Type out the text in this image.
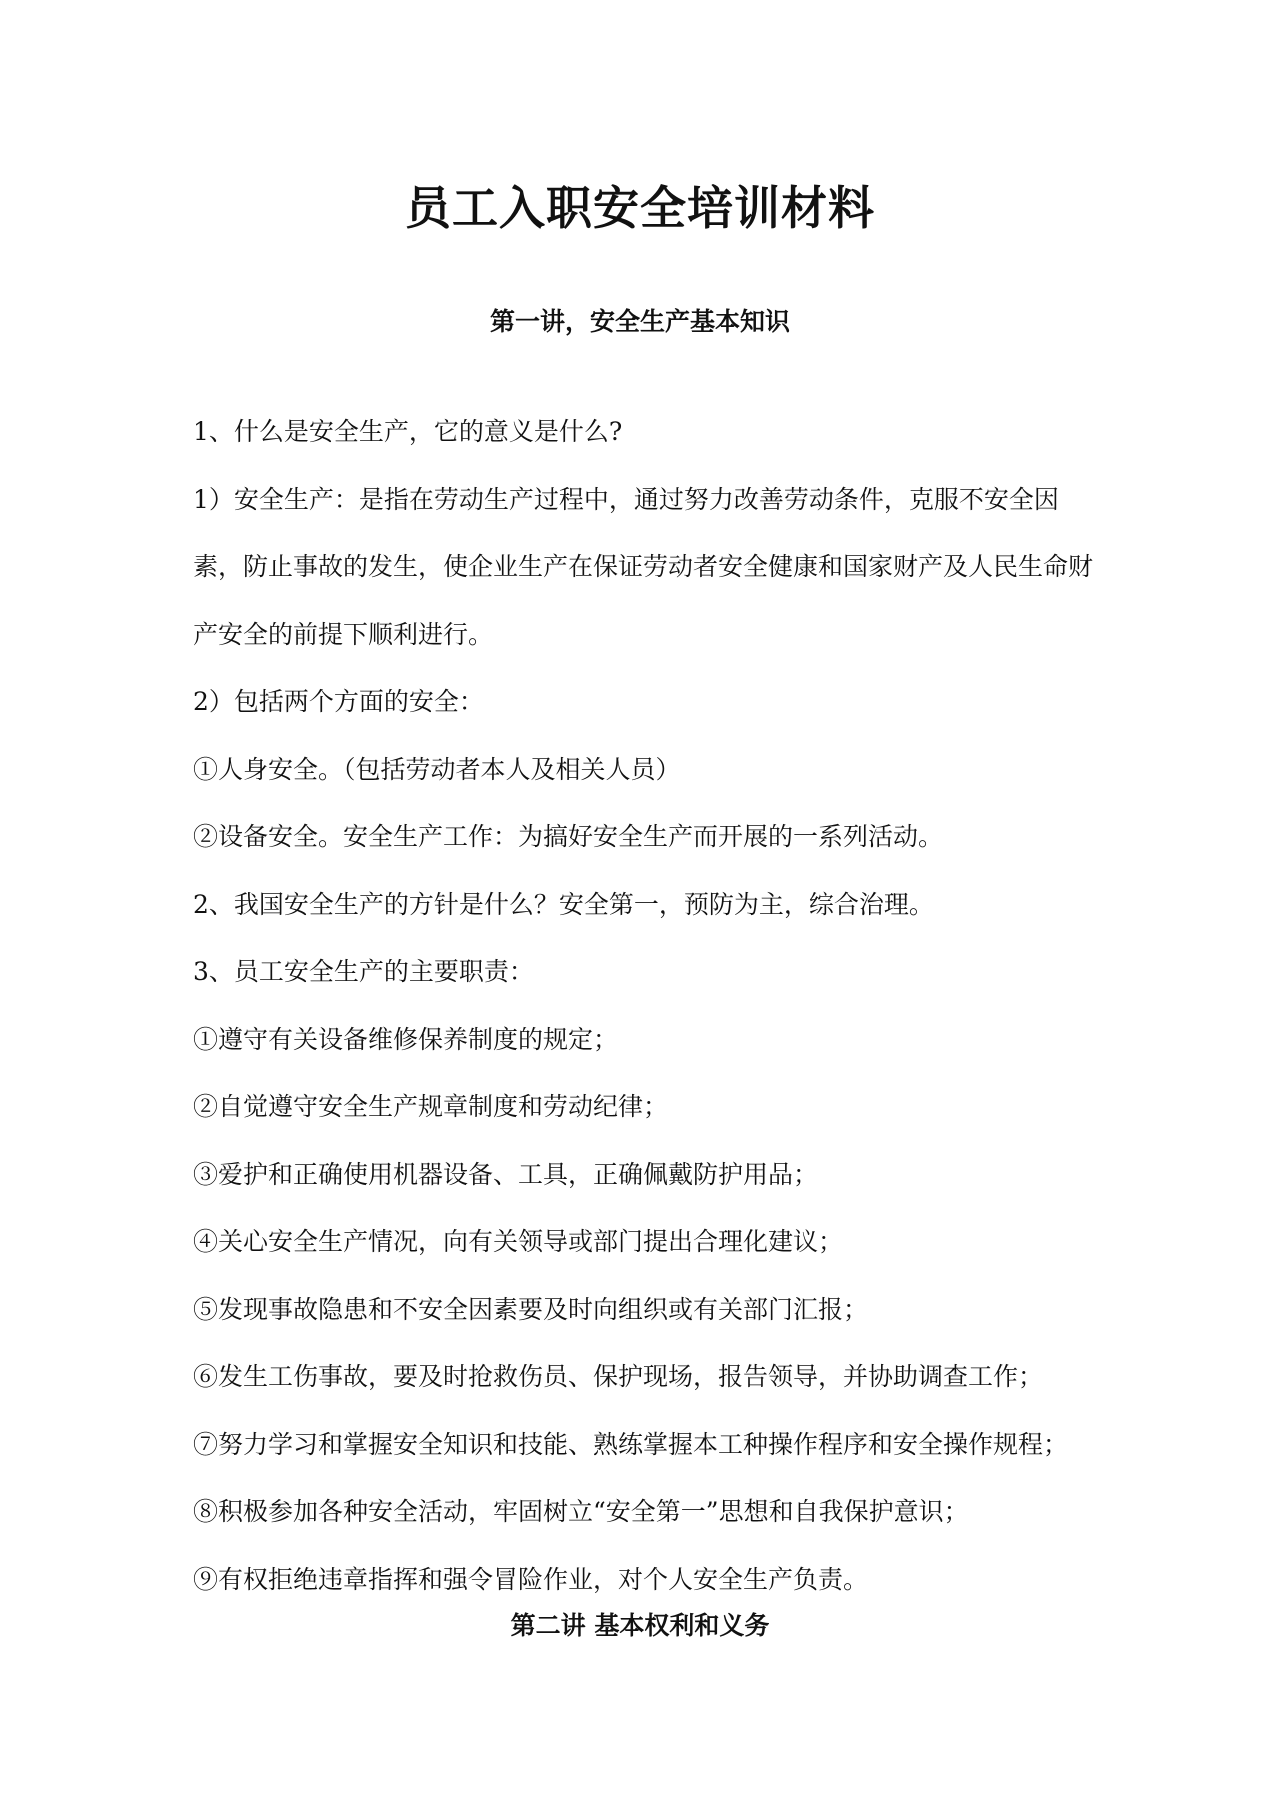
员工入职安全培训材料
第一讲，安全生产基本知识

1、什么是安全生产，它的意义是什么?

1）安全生产：是指在劳动生产过程中，通过努力改善劳动条件，克服不安全因素，防止事故的发生，使企业生产在保证劳动者安全健康和国家财产及人民生命财产安全的前提下顺利进行。

2）包括两个方面的安全：

①人身安全。（包括劳动者本人及相关人员）

②设备安全。安全生产工作：为搞好安全生产而开展的一系列活动。

2、我国安全生产的方针是什么？安全第一，预防为主，综合治理。

3、员工安全生产的主要职责：

①遵守有关设备维修保养制度的规定；

②自觉遵守安全生产规章制度和劳动纪律；

③爱护和正确使用机器设备、工具，正确佩戴防护用品；

④关心安全生产情况，向有关领导或部门提出合理化建议；

⑤发现事故隐患和不安全因素要及时向组织或有关部门汇报；

⑥发生工伤事故，要及时抢救伤员、保护现场，报告领导，并协助调查工作；

⑦努力学习和掌握安全知识和技能、熟练掌握本工种操作程序和安全操作规程；

⑧积极参加各种安全活动，牢固树立“安全第一”思想和自我保护意识；

⑨有权拒绝违章指挥和强令冒险作业，对个人安全生产负责。

第二讲 基本权利和义务
